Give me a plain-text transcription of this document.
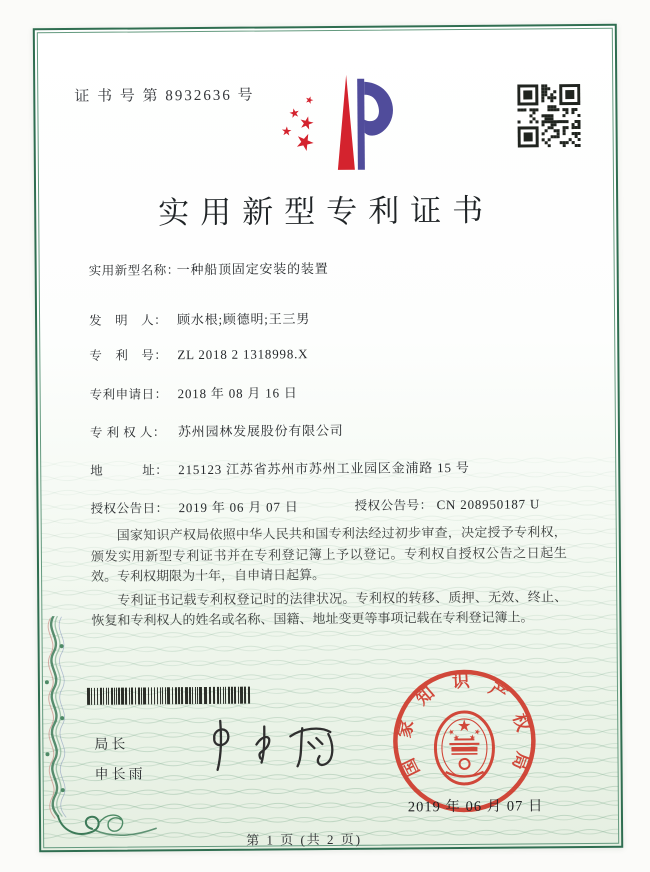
证 书 号 第 8932636 号
实用新型专利证书
实用新型名称：一种船顶固定安装的装置
发　明　人： 顾水根;顾德明;王三男
专　利　号： ZL 2018 2 1318998.X
专利申请日： 2018 年 08 月 16 日
专 利 权 人： 苏州园林发展股份有限公司
地　　　址： 215123 江苏省苏州市苏州工业园区金浦路 15 号
授权公告日： 2019 年 06 月 07 日	授权公告号： CN 208950187 U

国家知识产权局依照中华人民共和国专利法经过初步审查，决定授予专利权，颁发实用新型专利证书并在专利登记簿上予以登记。专利权自授权公告之日起生效。专利权期限为十年，自申请日起算。

专利证书记载专利权登记时的法律状况。专利权的转移、质押、无效、终止、恢复和专利权人的姓名或名称、国籍、地址变更等事项记载在专利登记簿上。

局长
申长雨	国家知识产权局
2019 年 06 月 07 日
第 1 页 (共 2 页)
